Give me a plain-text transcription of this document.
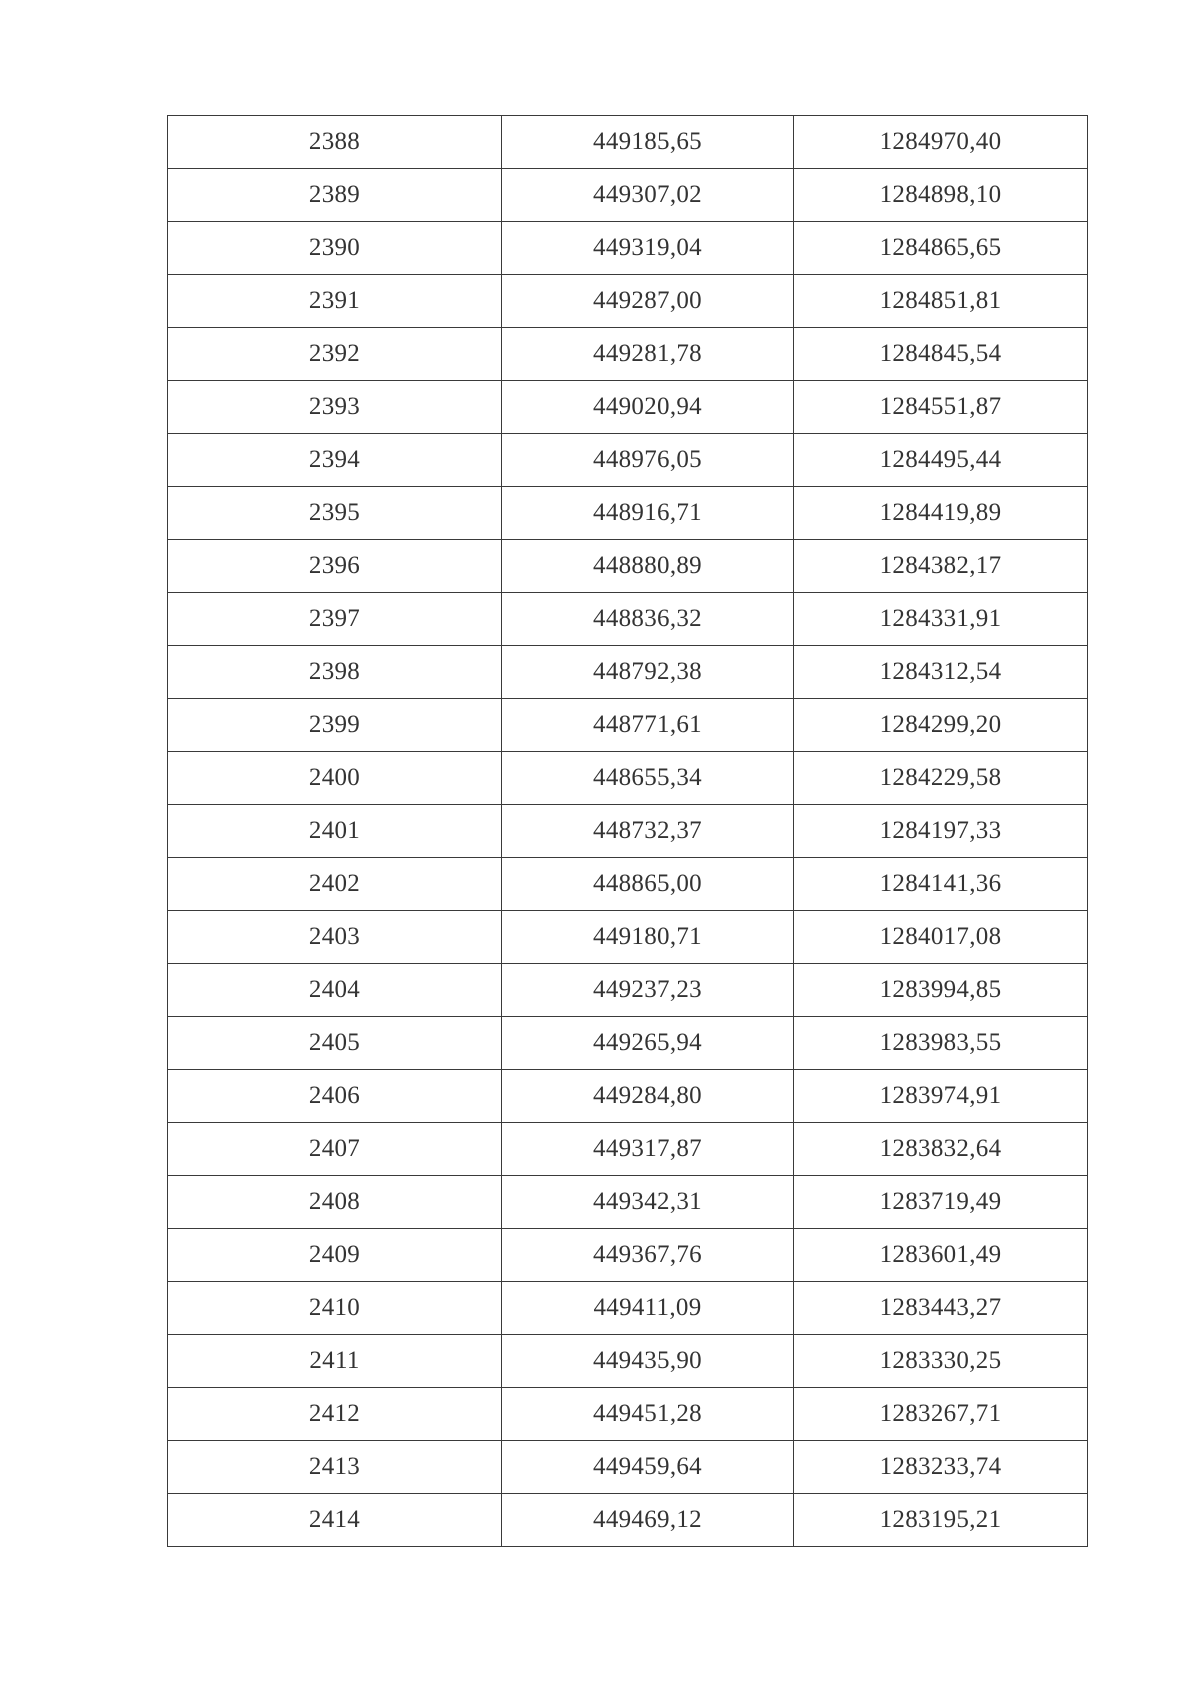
2388	449185,65	1284970,40
2389	449307,02	1284898,10
2390	449319,04	1284865,65
2391	449287,00	1284851,81
2392	449281,78	1284845,54
2393	449020,94	1284551,87
2394	448976,05	1284495,44
2395	448916,71	1284419,89
2396	448880,89	1284382,17
2397	448836,32	1284331,91
2398	448792,38	1284312,54
2399	448771,61	1284299,20
2400	448655,34	1284229,58
2401	448732,37	1284197,33
2402	448865,00	1284141,36
2403	449180,71	1284017,08
2404	449237,23	1283994,85
2405	449265,94	1283983,55
2406	449284,80	1283974,91
2407	449317,87	1283832,64
2408	449342,31	1283719,49
2409	449367,76	1283601,49
2410	449411,09	1283443,27
2411	449435,90	1283330,25
2412	449451,28	1283267,71
2413	449459,64	1283233,74
2414	449469,12	1283195,21
